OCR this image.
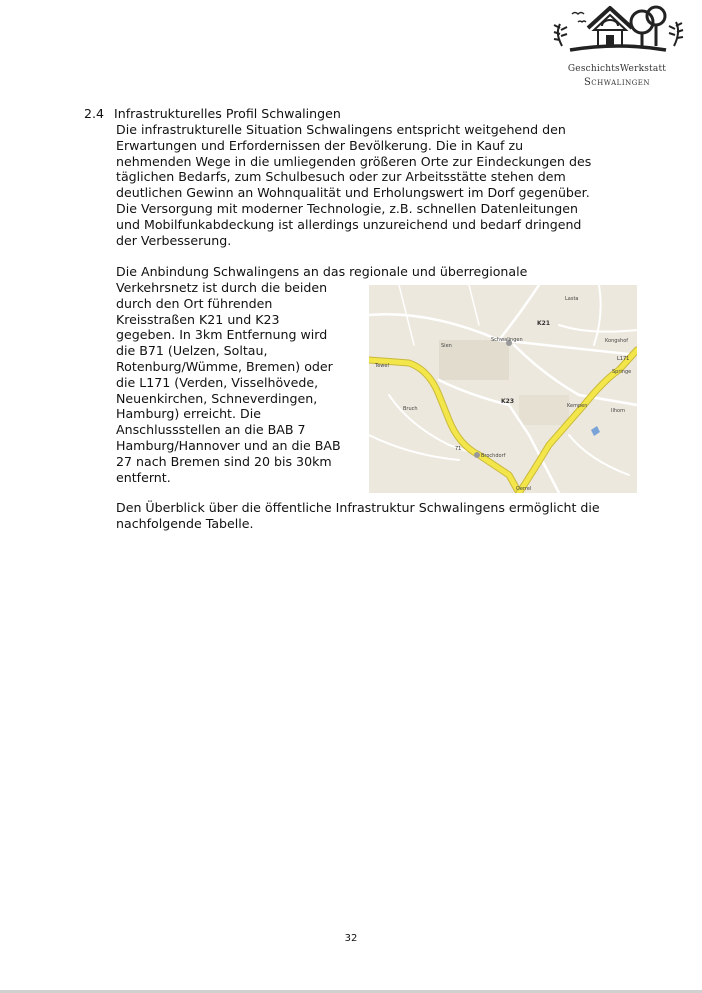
GeschichtsWerkstatt
Schwalingen
2.4 Infrastrukturelles Profil Schwalingen
Die infrastrukturelle Situation Schwalingens entspricht weitgehend den
Erwartungen und Erfordernissen der Bevölkerung. Die in Kauf zu
nehmenden Wege in die umliegenden größeren Orte zur Eindeckungen des
täglichen Bedarfs, zum Schulbesuch oder zur Arbeitsstätte stehen dem
deutlichen Gewinn an Wohnqualität und Erholungswert im Dorf gegenüber.
Die Versorgung mit moderner Technologie, z.B. schnellen Datenleitungen
und Mobilfunkabdeckung ist allerdings unzureichend und bedarf dringend
der Verbesserung.
Die Anbindung Schwalingens an das regionale und überregionale
Verkehrsnetz ist durch die beiden
durch den Ort führenden
Kreisstraßen K21 und K23
gegeben. In 3km Entfernung wird
die B71 (Uelzen, Soltau,
Rotenburg/Wümme, Bremen) oder
die L171 (Verden, Visselhövede,
Neuenkirchen, Schneverdingen,
Hamburg) erreicht. Die
Anschlussstellen an die BAB 7
Hamburg/Hannover und an die BAB
27 nach Bremen sind 20 bis 30km
entfernt.
Lasta
K21
Sien
Schwalingen	Kongshof
Tewel
L171
Springe
K23
Bruch	Kempen
Ilhorn
Brochdorf
Oerrel
71
Den Überblick über die öffentliche Infrastruktur Schwalingens ermöglicht die
nachfolgende Tabelle.
32
